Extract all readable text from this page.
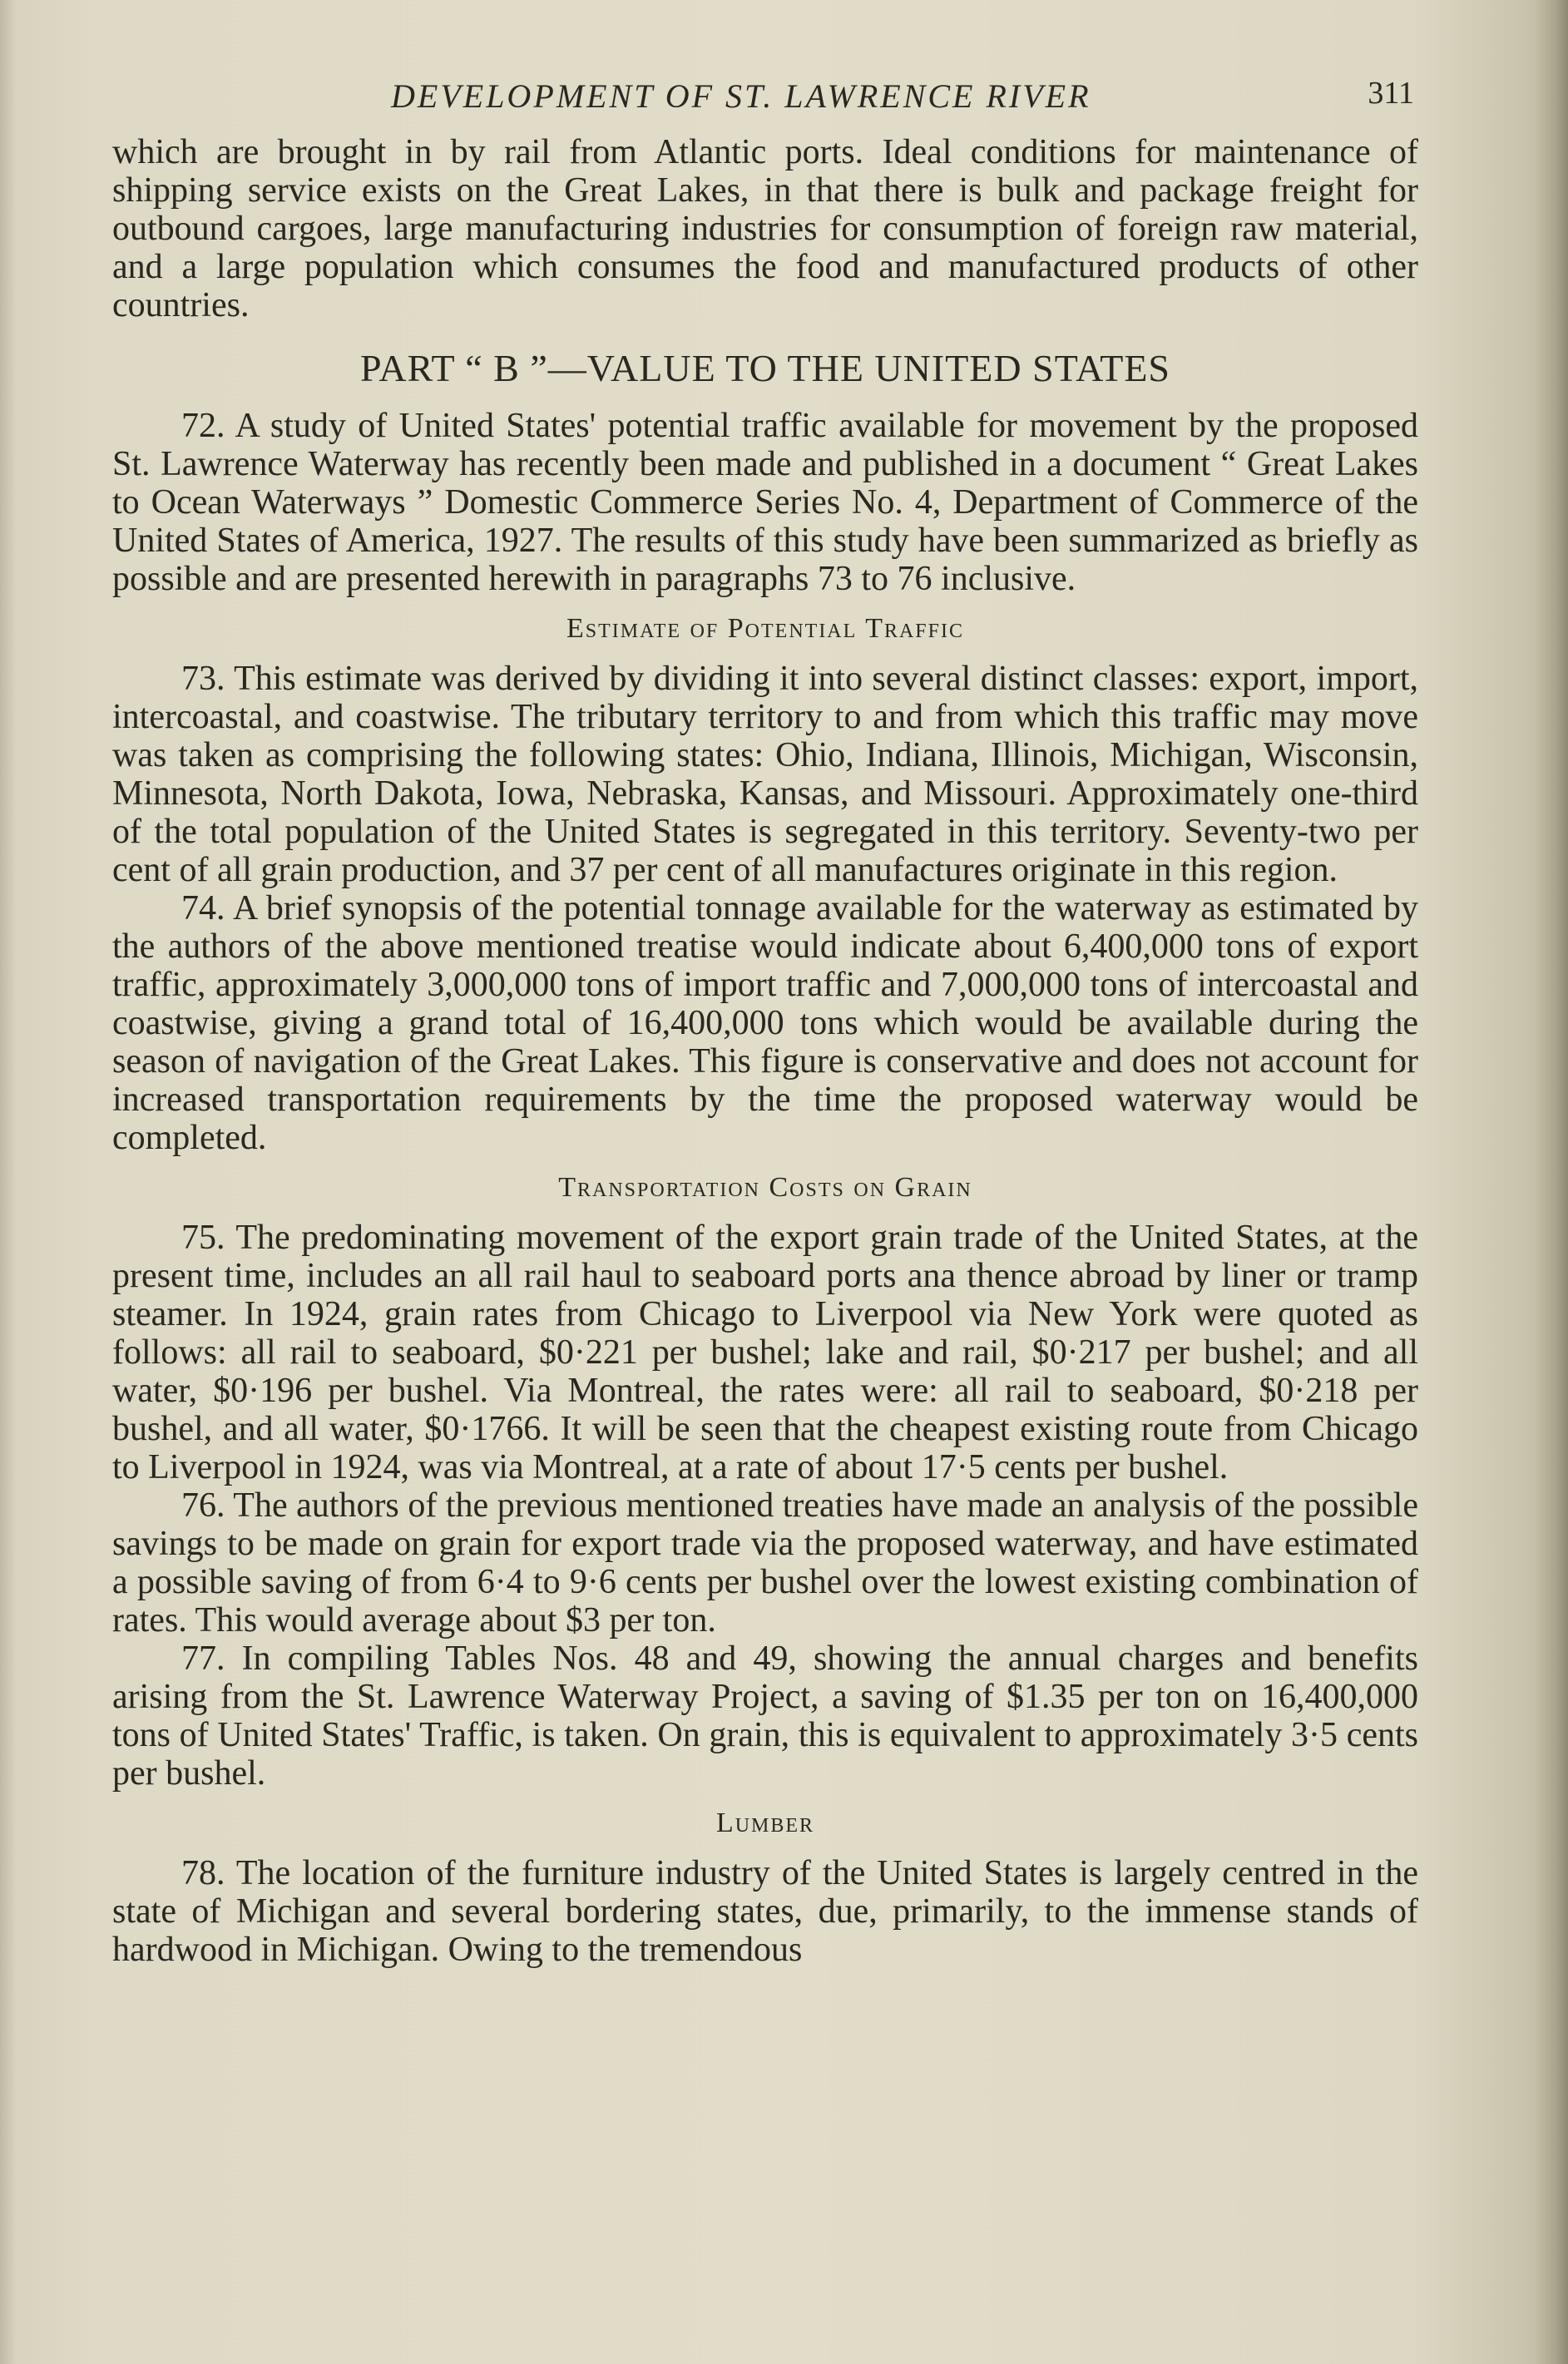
DEVELOPMENT OF ST. LAWRENCE RIVER	311

which are brought in by rail from Atlantic ports. Ideal conditions for maintenance of shipping service exists on the Great Lakes, in that there is bulk and package freight for outbound cargoes, large manufacturing industries for consumption of foreign raw material, and a large population which consumes the food and manufactured products of other countries.

PART “ B ”—VALUE TO THE UNITED STATES

72. A study of United States' potential traffic available for movement by the proposed St. Lawrence Waterway has recently been made and published in a document “ Great Lakes to Ocean Waterways ” Domestic Commerce Series No. 4, Department of Commerce of the United States of America, 1927. The results of this study have been summarized as briefly as possible and are presented herewith in paragraphs 73 to 76 inclusive.

Estimate of Potential Traffic

73. This estimate was derived by dividing it into several distinct classes: export, import, intercoastal, and coastwise. The tributary territory to and from which this traffic may move was taken as comprising the following states: Ohio, Indiana, Illinois, Michigan, Wisconsin, Minnesota, North Dakota, Iowa, Nebraska, Kansas, and Missouri. Approximately one-third of the total population of the United States is segregated in this territory. Seventy-two per cent of all grain production, and 37 per cent of all manufactures originate in this region.

74. A brief synopsis of the potential tonnage available for the waterway as estimated by the authors of the above mentioned treatise would indicate about 6,400,000 tons of export traffic, approximately 3,000,000 tons of import traffic and 7,000,000 tons of intercoastal and coastwise, giving a grand total of 16,400,000 tons which would be available during the season of navigation of the Great Lakes. This figure is conservative and does not account for increased transportation requirements by the time the proposed waterway would be completed.

Transportation Costs on Grain

75. The predominating movement of the export grain trade of the United States, at the present time, includes an all rail haul to seaboard ports ana thence abroad by liner or tramp steamer. In 1924, grain rates from Chicago to Liverpool via New York were quoted as follows: all rail to seaboard, $0·221 per bushel; lake and rail, $0·217 per bushel; and all water, $0·196 per bushel. Via Montreal, the rates were: all rail to seaboard, $0·218 per bushel, and all water, $0·1766. It will be seen that the cheapest existing route from Chicago to Liverpool in 1924, was via Montreal, at a rate of about 17·5 cents per bushel.

76. The authors of the previous mentioned treaties have made an analysis of the possible savings to be made on grain for export trade via the proposed waterway, and have estimated a possible saving of from 6·4 to 9·6 cents per bushel over the lowest existing combination of rates. This would average about $3 per ton.

77. In compiling Tables Nos. 48 and 49, showing the annual charges and benefits arising from the St. Lawrence Waterway Project, a saving of $1.35 per ton on 16,400,000 tons of United States' Traffic, is taken. On grain, this is equivalent to approximately 3·5 cents per bushel.

Lumber

78. The location of the furniture industry of the United States is largely centred in the state of Michigan and several bordering states, due, primarily, to the immense stands of hardwood in Michigan. Owing to the tremendous
